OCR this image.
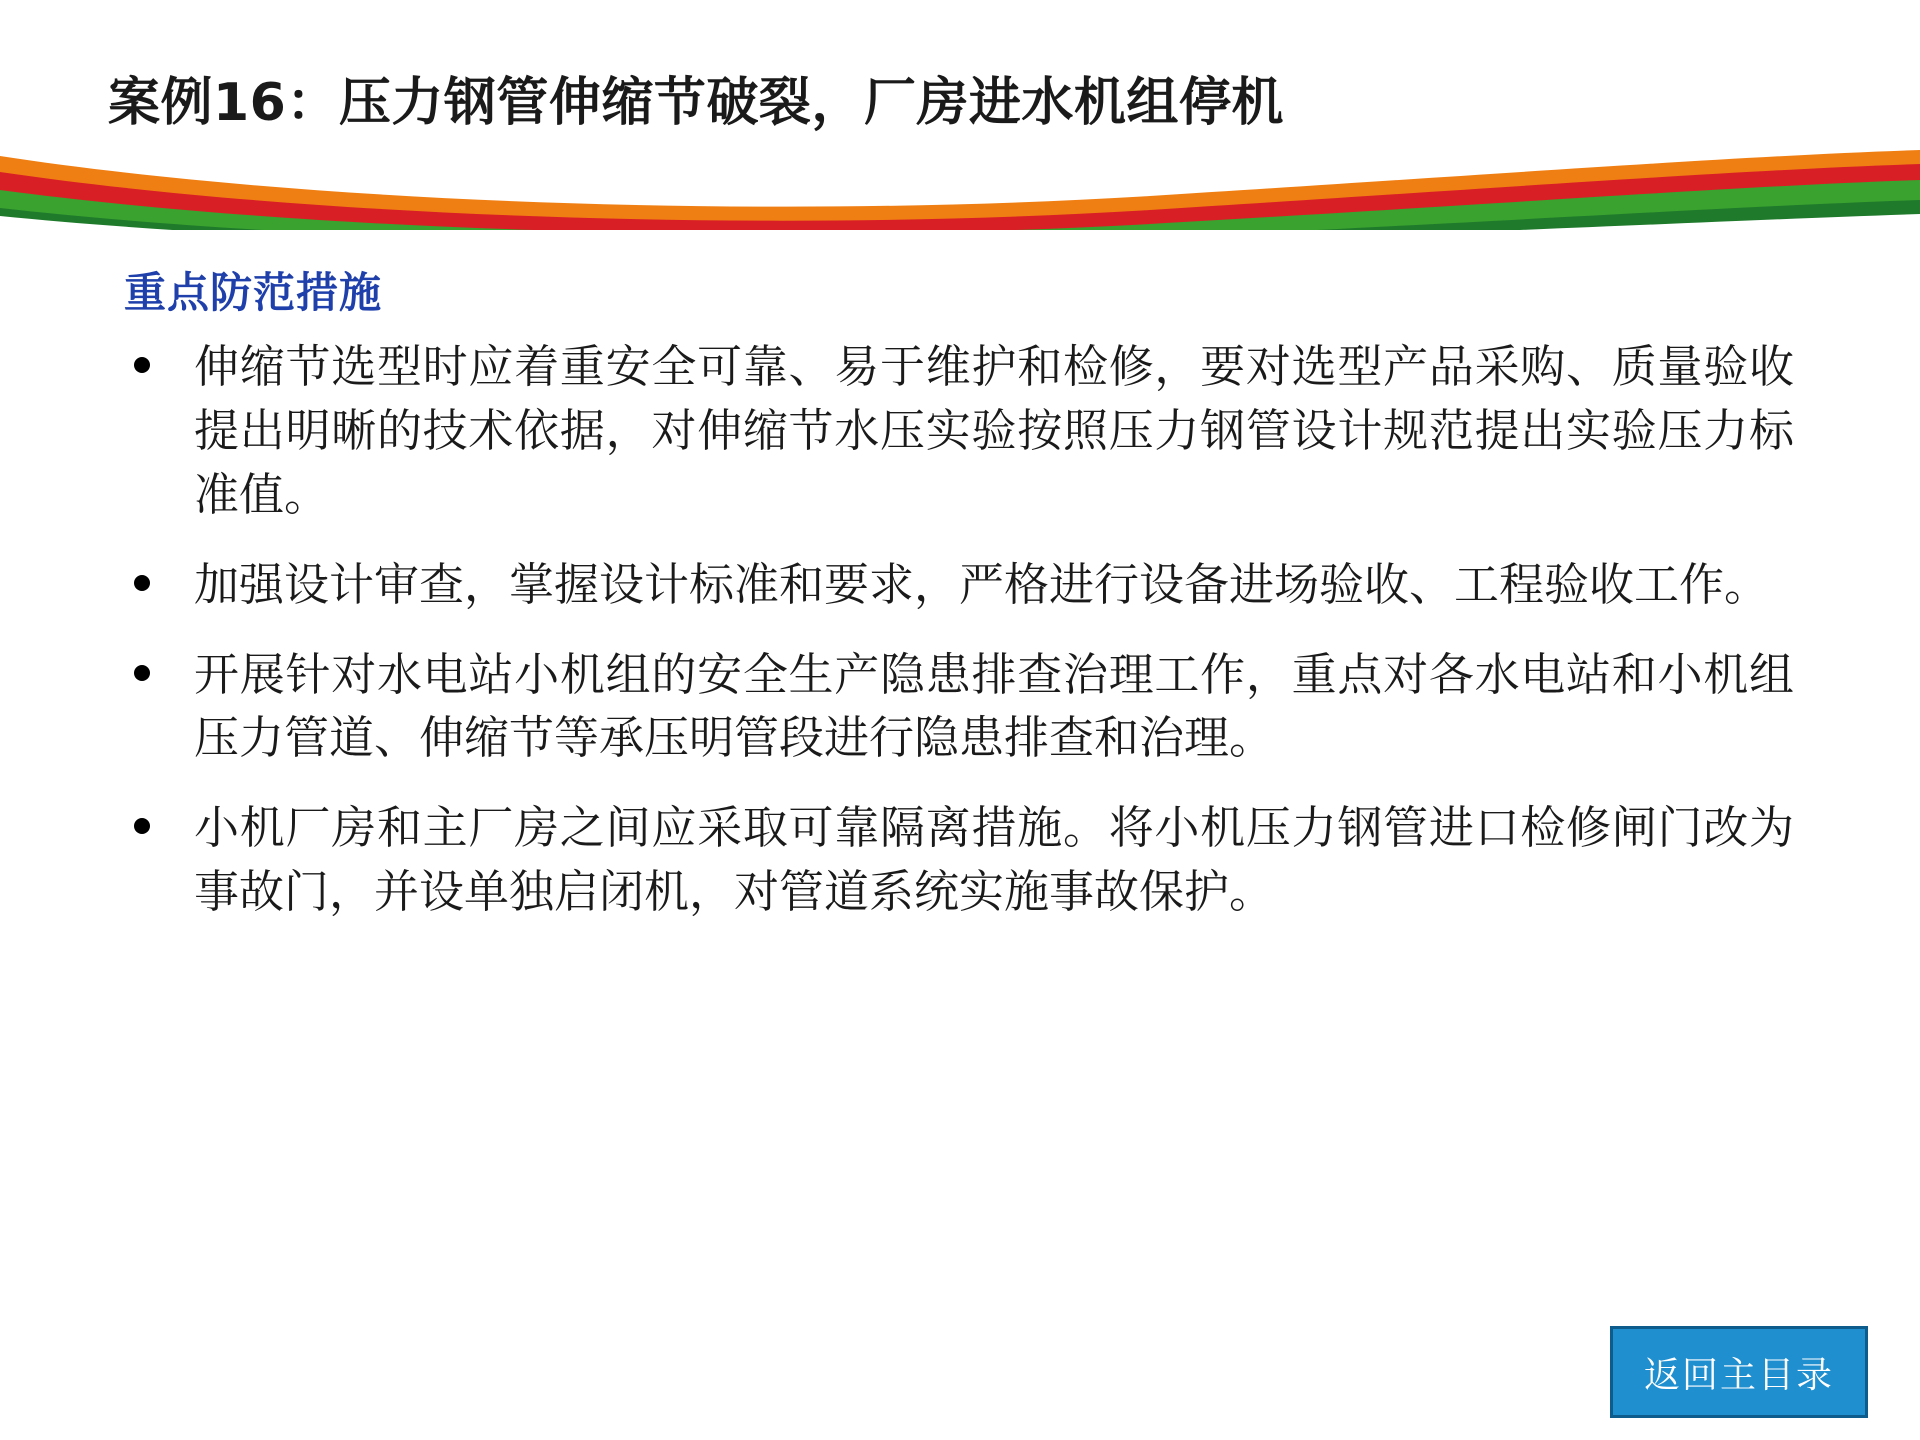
案例16：压力钢管伸缩节破裂，厂房进水机组停机
重点防范措施
伸缩节选型时应着重安全可靠、易于维护和检修，要对选型产品采购、质量验收提出明晰的技术依据，对伸缩节水压实验按照压力钢管设计规范提出实验压力标准值。
加强设计审查，掌握设计标准和要求，严格进行设备进场验收、工程验收工作。
开展针对水电站小机组的安全生产隐患排查治理工作，重点对各水电站和小机组压力管道、伸缩节等承压明管段进行隐患排查和治理。
小机厂房和主厂房之间应采取可靠隔离措施。将小机压力钢管进口检修闸门改为事故门，并设单独启闭机，对管道系统实施事故保护。
返回主目录
